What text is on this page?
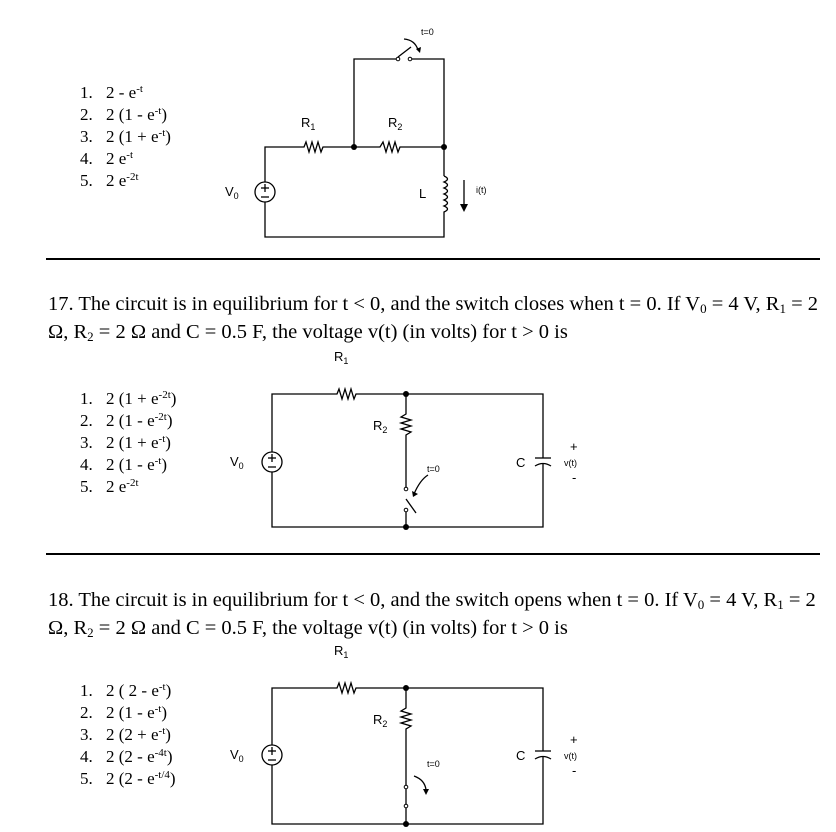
1. $2 - e^{-t}$
2. 2 $(1 - e^{-t})$
3. 2 $(1 + e^{-t})$
4. 2 $e^{-t}$
5. 2 $e^{-2t}$
t=0
$R_1$	$R_2$
$V_0$	L	i(t)
17. The circuit is in equilibrium for t < 0, and the switch closes when t = 0. If $V_0 = 4$ V, $R_1 = 2$ Ω, $R_2 = 2$ Ω and C = 0.5 F, the voltage v(t) (in volts) for t > 0 is
1. 2 $(1 + e^{-2t})$
2. 2 $(1 - e^{-2t})$
3. 2 $(1 + e^{-t})$
4. 2 $(1 - e^{-t})$
5. 2 $e^{-2t}$
$R_1$
$R_2$
$V_0$	t=0	C
+
v(t)
-
18. The circuit is in equilibrium for t < 0, and the switch opens when t = 0. If $V_0 = 4$ V, $R_1 = 2$ Ω, $R_2 = 2$ Ω and C = 0.5 F, the voltage v(t) (in volts) for t > 0 is
1. 2 ( $2 - e^{-t}$)
2. 2 $(1 - e^{-t})$
3. 2 $(2 + e^{-t})$
4. 2 $(2 - e^{-4t})$
5. 2 $(2 - e^{-t/4})$
$R_1$
$R_2$
$V_0$	t=0
C
+
v(t)
-
